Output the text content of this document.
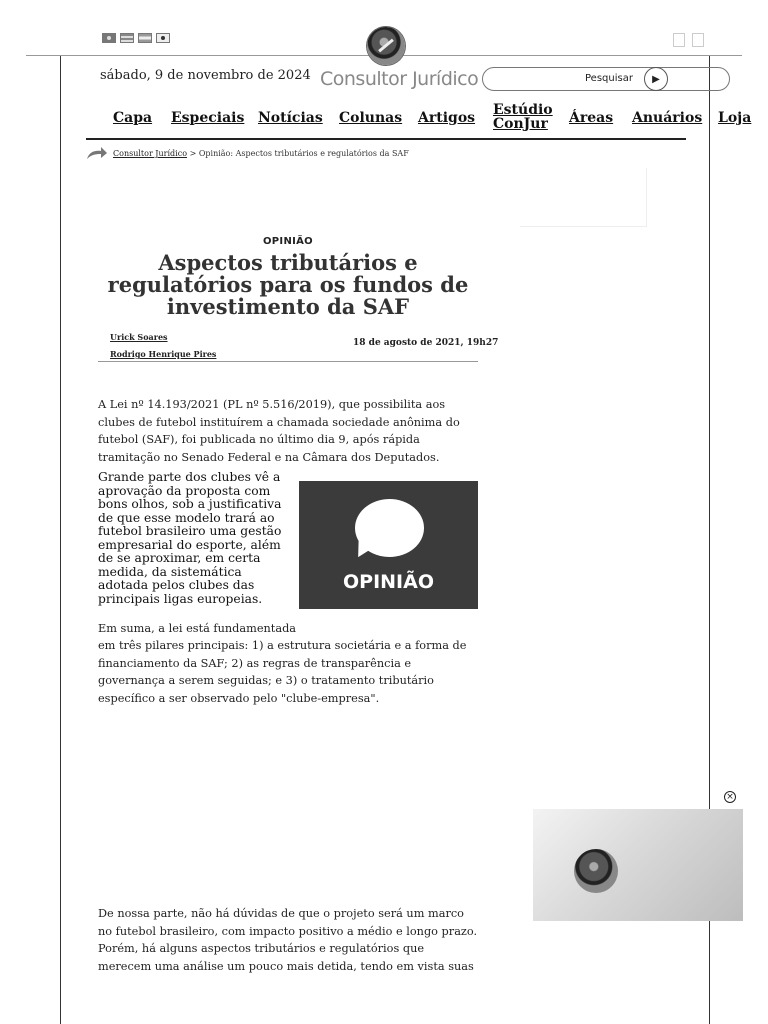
sábado, 9 de novembro de 2024 Consultor Jurídico	Pesquisar ▶
Capa Especiais Notícias Colunas Artigos Estúdio ConJur	Áreas Anuários Loja
Consultor Jurídico > Opinião: Aspectos tributários e regulatórios da SAF
OPINIÃO
Aspectos tributários e regulatórios para os fundos de investimento da SAF
Urick Soares
Rodrigo Henrique Pires
18 de agosto de 2021, 19h27
A Lei nº 14.193/2021 (PL nº 5.516/2019), que possibilita aos clubes de futebol instituírem a chamada sociedade anônima do futebol (SAF), foi publicada no último dia 9, após rápida tramitação no Senado Federal e na Câmara dos Deputados.
Grande parte dos clubes vê a aprovação da proposta com bons olhos, sob a justificativa de que esse modelo trará ao futebol brasileiro uma gestão empresarial do esporte, além de se aproximar, em certa medida, da sistemática adotada pelos clubes das principais ligas europeias.
OPINIÃO
Em suma, a lei está fundamentada
em três pilares principais: 1) a estrutura societária e a forma de financiamento da SAF; 2) as regras de transparência e governança a serem seguidas; e 3) o tratamento tributário específico a ser observado pelo "clube-empresa".
De nossa parte, não há dúvidas de que o projeto será um marco no futebol brasileiro, com impacto positivo a médio e longo prazo. Porém, há alguns aspectos tributários e regulatórios que merecem uma análise um pouco mais detida, tendo em vista suas
×
